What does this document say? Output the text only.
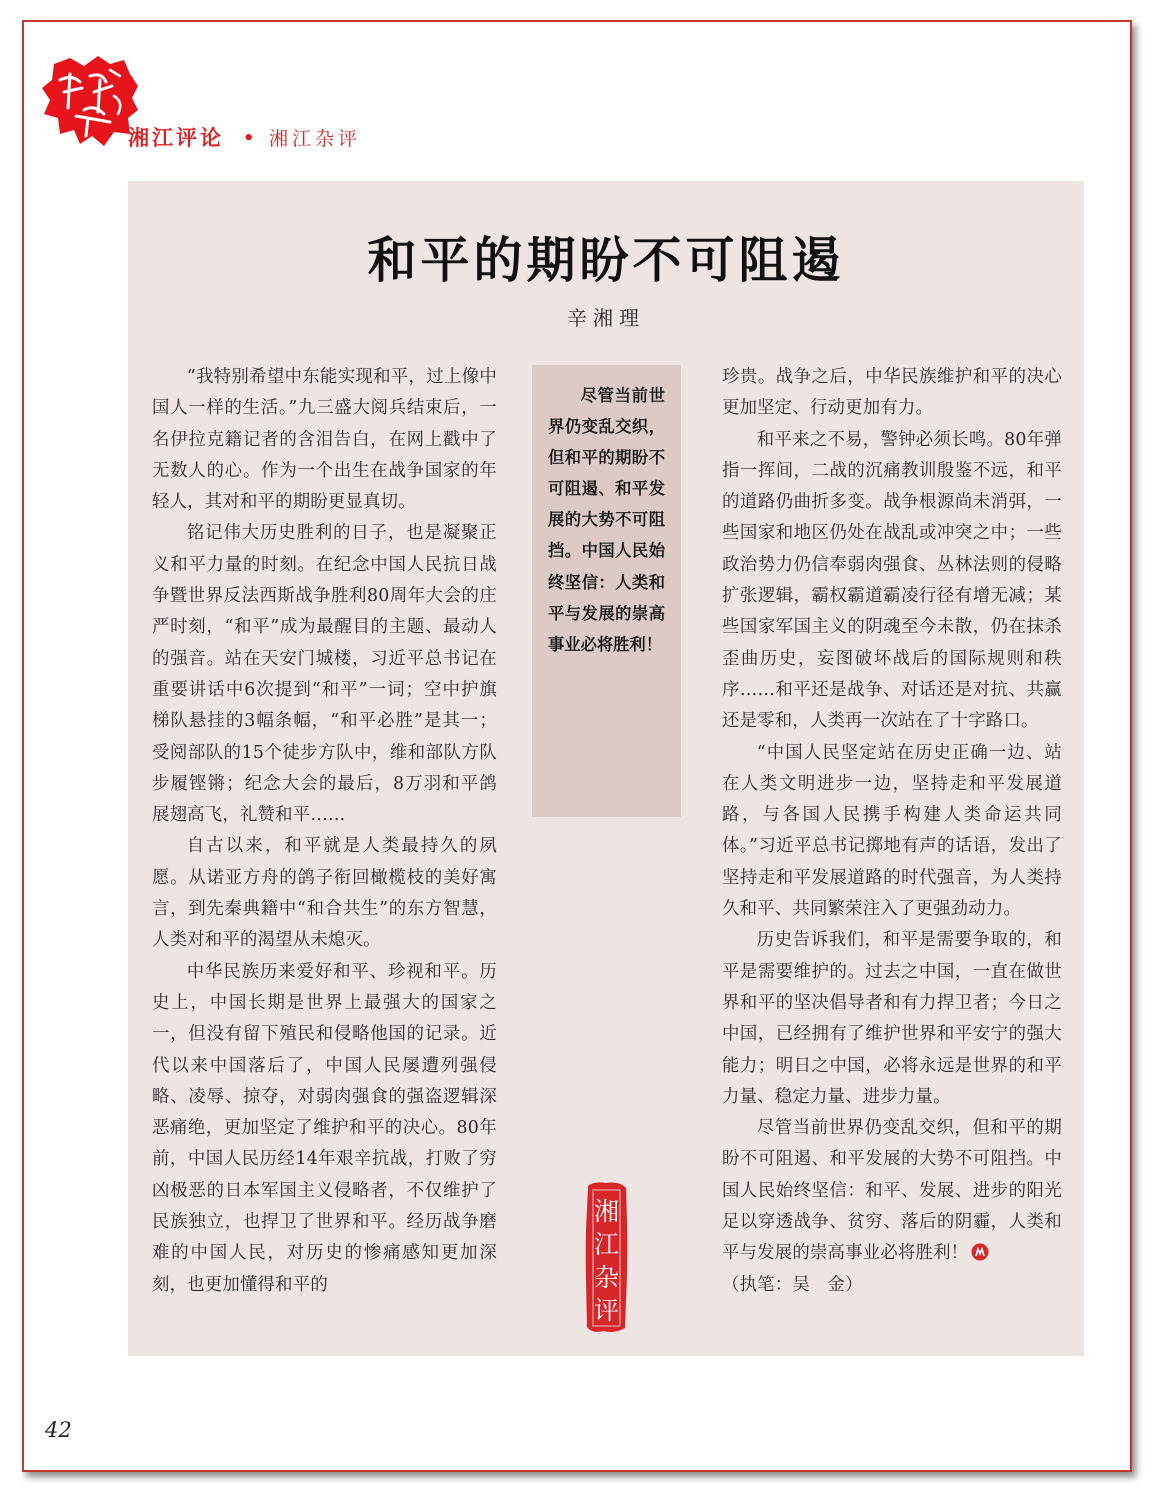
湘江评论 • 湘江杂评
和平的期盼不可阻遏
辛湘理

“我特别希望中东能实现和平，过上像中国人一样的生活。”九三盛大阅兵结束后，一名伊拉克籍记者的含泪告白，在网上戳中了无数人的心。作为一个出生在战争国家的年轻人，其对和平的期盼更显真切。

铭记伟大历史胜利的日子，也是凝聚正义和平力量的时刻。在纪念中国人民抗日战争暨世界反法西斯战争胜利80周年大会的庄严时刻，“和平”成为最醒目的主题、最动人的强音。站在天安门城楼，习近平总书记在重要讲话中6次提到“和平”一词；空中护旗梯队悬挂的3幅条幅，“和平必胜”是其一；受阅部队的15个徒步方队中，维和部队方队步履铿锵；纪念大会的最后，8万羽和平鸽展翅高飞，礼赞和平……

自古以来，和平就是人类最持久的夙愿。从诺亚方舟的鸽子衔回橄榄枝的美好寓言，到先秦典籍中“和合共生”的东方智慧，人类对和平的渴望从未熄灭。

中华民族历来爱好和平、珍视和平。历史上，中国长期是世界上最强大的国家之一，但没有留下殖民和侵略他国的记录。近代以来中国落后了，中国人民屡遭列强侵略、凌辱、掠夺，对弱肉强食的强盗逻辑深恶痛绝，更加坚定了维护和平的决心。80年前，中国人民历经14年艰辛抗战，打败了穷凶极恶的日本军国主义侵略者，不仅维护了民族独立，也捍卫了世界和平。经历战争磨难的中国人民，对历史的惨痛感知更加深刻，也更加懂得和平的

尽管当前世界仍变乱交织，但和平的期盼不可阻遏、和平发展的大势不可阻挡。中国人民始终坚信：人类和平与发展的崇高事业必将胜利！

湘江杂评

珍贵。战争之后，中华民族维护和平的决心更加坚定、行动更加有力。

和平来之不易，警钟必须长鸣。80年弹指一挥间，二战的沉痛教训殷鉴不远，和平的道路仍曲折多变。战争根源尚未消弭，一些国家和地区仍处在战乱或冲突之中；一些政治势力仍信奉弱肉强食、丛林法则的侵略扩张逻辑，霸权霸道霸凌行径有增无减；某些国家军国主义的阴魂至今未散，仍在抹杀歪曲历史，妄图破坏战后的国际规则和秩序……和平还是战争、对话还是对抗、共赢还是零和，人类再一次站在了十字路口。

“中国人民坚定站在历史正确一边、站在人类文明进步一边，坚持走和平发展道路，与各国人民携手构建人类命运共同体。”习近平总书记掷地有声的话语，发出了坚持走和平发展道路的时代强音，为人类持久和平、共同繁荣注入了更强劲动力。

历史告诉我们，和平是需要争取的，和平是需要维护的。过去之中国，一直在做世界和平的坚决倡导者和有力捍卫者；今日之中国，已经拥有了维护世界和平安宁的强大能力；明日之中国，必将永远是世界的和平力量、稳定力量、进步力量。

尽管当前世界仍变乱交织，但和平的期盼不可阻遏、和平发展的大势不可阻挡。中国人民始终坚信：和平、发展、进步的阳光足以穿透战争、贫穷、落后的阴霾，人类和平与发展的崇高事业必将胜利！

（执笔：吴　金）

42
